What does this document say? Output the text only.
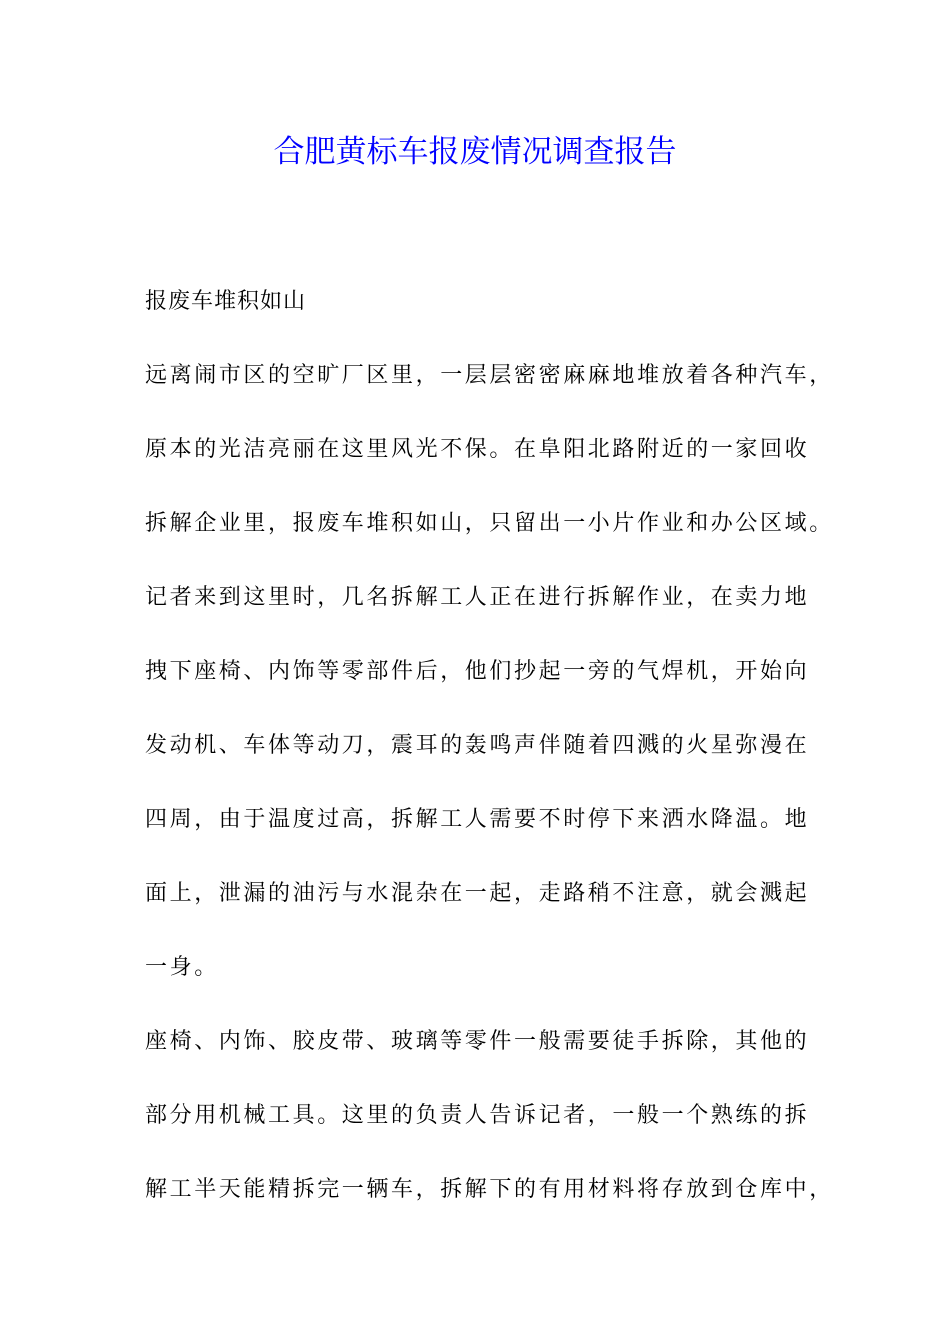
合肥黄标车报废情况调查报告
报废车堆积如山
远离闹市区的空旷厂区里，一层层密密麻麻地堆放着各种汽车，
原本的光洁亮丽在这里风光不保。在阜阳北路附近的一家回收
拆解企业里，报废车堆积如山，只留出一小片作业和办公区域。
记者来到这里时，几名拆解工人正在进行拆解作业，在卖力地
拽下座椅、内饰等零部件后，他们抄起一旁的气焊机，开始向
发动机、车体等动刀，震耳的轰鸣声伴随着四溅的火星弥漫在
四周，由于温度过高，拆解工人需要不时停下来洒水降温。地
面上，泄漏的油污与水混杂在一起，走路稍不注意，就会溅起
一身。
座椅、内饰、胶皮带、玻璃等零件一般需要徒手拆除，其他的
部分用机械工具。这里的负责人告诉记者，一般一个熟练的拆
解工半天能精拆完一辆车，拆解下的有用材料将存放到仓库中，
